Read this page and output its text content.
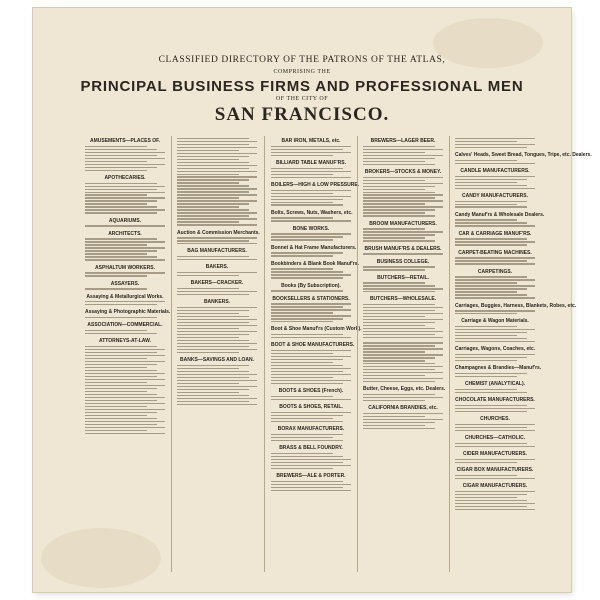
CLASSIFIED DIRECTORY OF THE PATRONS OF THE ATLAS,
COMPRISING THE
PRINCIPAL BUSINESS FIRMS AND PROFESSIONAL MEN
OF THE CITY OF
SAN FRANCISCO.
AMUSEMENTS—PLACES OF.
APOTHECARIES.
AQUARIUMS.
ARCHITECTS.
ASPHALTUM WORKERS.
ASSAYERS.
Assaying & Metallurgical Works.
Assaying & Photographic Materials.
ASSOCIATION—COMMERCIAL.
ATTORNEYS-AT-LAW.
Auction & Commission Merchants.
BAG MANUFACTURERS.
BAKERS.
BAKERS—CRACKER.
BANKERS.
BANKS—SAVINGS AND LOAN.
BAR IRON, METALS, etc.
BILLIARD TABLE MANUF'RS.
BOILERS—HIGH & LOW PRESSURE.
Bolts, Screws, Nuts, Washers, etc.
BONE WORKS.
Bonnet & Hat Frame Manufacturers.
Bookbinders & Blank Book Manuf'rs.
Books (By Subscription).
BOOKSELLERS & STATIONERS.
Boot & Shoe Manuf'rs (Custom Work).
BOOT & SHOE MANUFACTURERS.
BOOTS & SHOES (French).
BOOTS & SHOES, RETAIL.
BORAX MANUFACTURERS.
BRASS & BELL FOUNDRY.
BREWERS—ALE & PORTER.
BREWERS—LAGER BEER.
BROKERS—STOCKS & MONEY.
BROOM MANUFACTURERS.
BRUSH MANUF'RS & DEALERS.
BUSINESS COLLEGE.
BUTCHERS—RETAIL.
BUTCHERS—WHOLESALE.
Butter, Cheese, Eggs, etc. Dealers.
CALIFORNIA BRANDIES, etc.
Calves' Heads, Sweet Bread, Tongues, Tripe, etc. Dealers.
CANDLE MANUFACTURERS.
CANDY MANUFACTURERS.
Candy Manuf'rs & Wholesale Dealers.
CAR & CARRIAGE MANUF'RS.
CARPET-BEATING MACHINES.
CARPETINGS.
Carriages, Buggies, Harness, Blankets, Robes, etc.
Carriage & Wagon Materials.
Carriages, Wagons, Coaches, etc.
Champagnes & Brandies—Manuf'rs.
CHEMIST (ANALYTICAL).
CHOCOLATE MANUFACTURERS.
CHURCHES.
CHURCHES—CATHOLIC.
CIDER MANUFACTURERS.
CIGAR BOX MANUFACTURERS.
CIGAR MANUFACTURERS.
